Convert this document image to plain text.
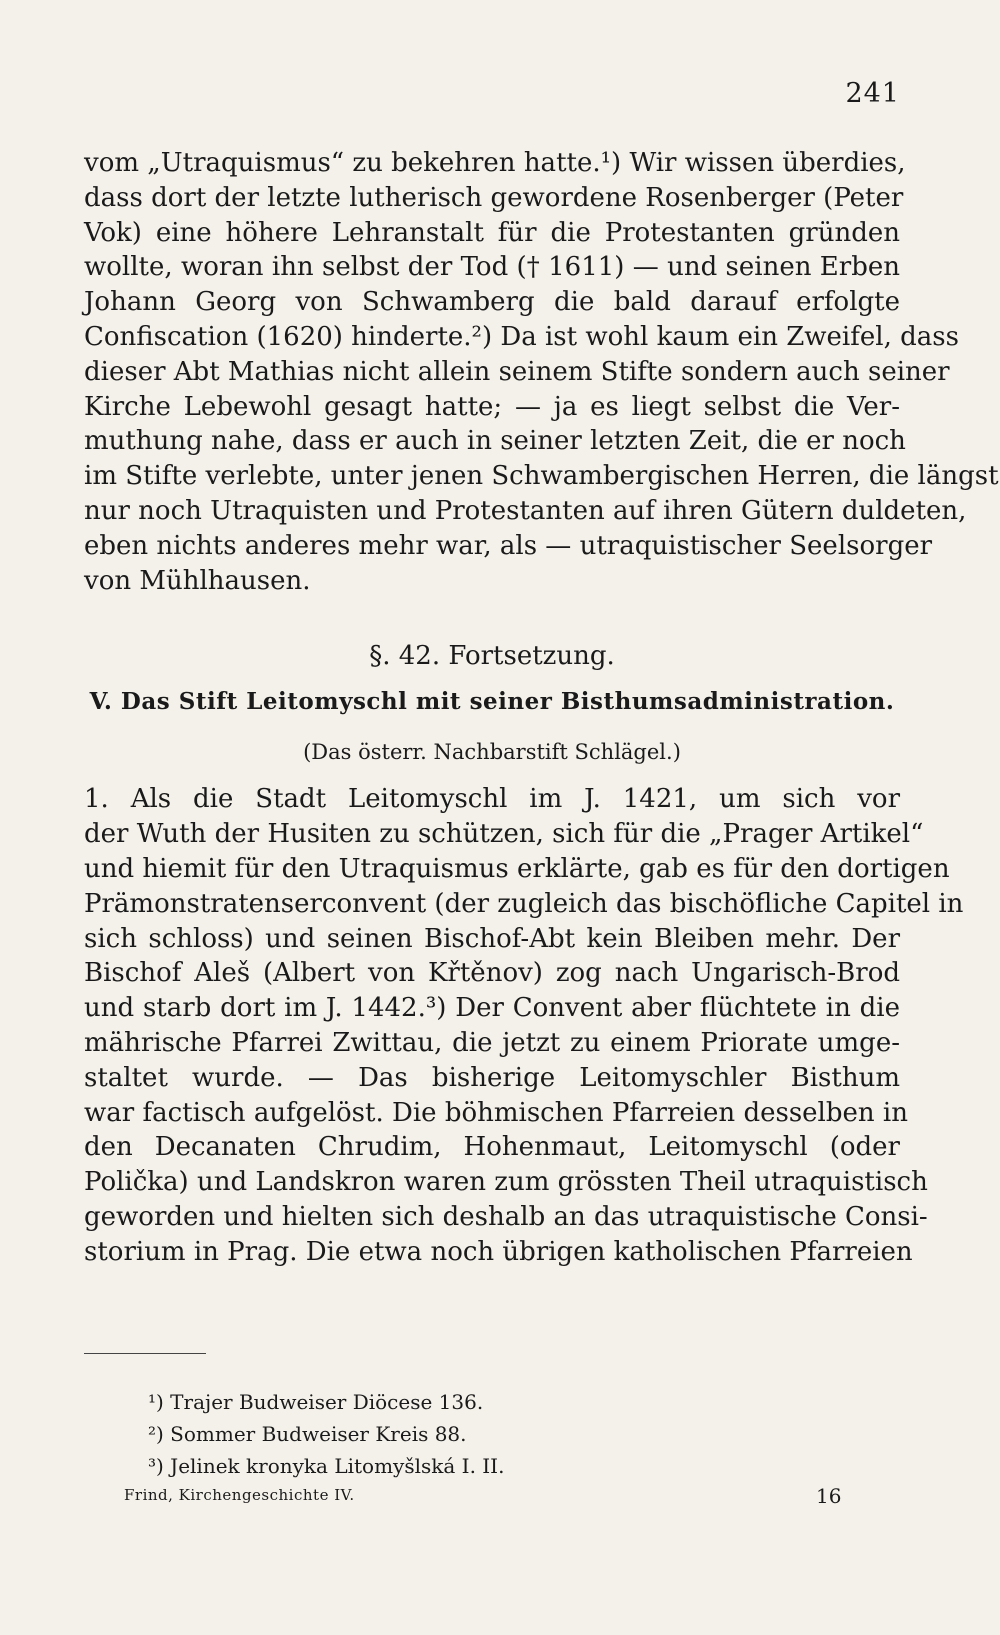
241
vom „Utraquismus“ zu bekehren hatte.¹) Wir wissen überdies,
dass dort der letzte lutherisch gewordene Rosenberger (Peter
Vok) eine höhere Lehranstalt für die Protestanten gründen
wollte, woran ihn selbst der Tod († 1611) — und seinen Erben
Johann Georg von Schwamberg die bald darauf erfolgte
Confiscation (1620) hinderte.²) Da ist wohl kaum ein Zweifel, dass
dieser Abt Mathias nicht allein seinem Stifte sondern auch seiner
Kirche Lebewohl gesagt hatte; — ja es liegt selbst die Ver-
muthung nahe, dass er auch in seiner letzten Zeit, die er noch
im Stifte verlebte, unter jenen Schwambergischen Herren, die längst
nur noch Utraquisten und Protestanten auf ihren Gütern duldeten,
eben nichts anderes mehr war, als — utraquistischer Seelsorger
von Mühlhausen.
§. 42. Fortsetzung.
V. Das Stift Leitomyschl mit seiner Bisthumsadministration.
(Das österr. Nachbarstift Schlägel.)
1. Als die Stadt Leitomyschl im J. 1421, um sich vor
der Wuth der Husiten zu schützen, sich für die „Prager Artikel“
und hiemit für den Utraquismus erklärte, gab es für den dortigen
Prämonstratenserconvent (der zugleich das bischöfliche Capitel in
sich schloss) und seinen Bischof-Abt kein Bleiben mehr. Der
Bischof Aleš (Albert von Křtěnov) zog nach Ungarisch-Brod
und starb dort im J. 1442.³) Der Convent aber flüchtete in die
mährische Pfarrei Zwittau, die jetzt zu einem Priorate umge-
staltet wurde. — Das bisherige Leitomyschler Bisthum
war factisch aufgelöst. Die böhmischen Pfarreien desselben in
den Decanaten Chrudim, Hohenmaut, Leitomyschl (oder
Polička) und Landskron waren zum grössten Theil utraquistisch
geworden und hielten sich deshalb an das utraquistische Consi-
storium in Prag. Die etwa noch übrigen katholischen Pfarreien
¹) Trajer Budweiser Diöcese 136.
²) Sommer Budweiser Kreis 88.
³) Jelinek kronyka Litomyšlská I. II.
Frind, Kirchengeschichte IV.	16
